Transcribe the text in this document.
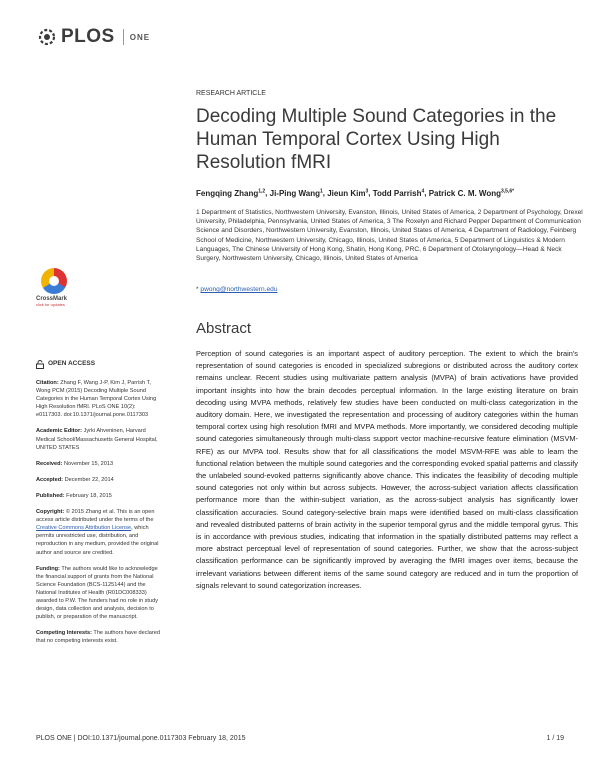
PLOS ONE
RESEARCH ARTICLE
Decoding Multiple Sound Categories in the Human Temporal Cortex Using High Resolution fMRI
Fengqing Zhang$^{1,2}$, Ji-Ping Wang$^1$, Jieun Kim$^3$, Todd Parrish$^4$, Patrick C. M. Wong$^{3,5,6*}$
1 Department of Statistics, Northwestern University, Evanston, Illinois, United States of America, 2 Department of Psychology, Drexel University, Philadelphia, Pennsylvania, United States of America, 3 The Roxelyn and Richard Pepper Department of Communication Science and Disorders, Northwestern University, Evanston, Illinois, United States of America, 4 Department of Radiology, Feinberg School of Medicine, Northwestern University, Chicago, Illinois, United States of America, 5 Department of Linguistics & Modern Languages, The Chinese University of Hong Kong, Shatin, Hong Kong, PRC, 6 Department of Otolaryngology—Head & Neck Surgery, Northwestern University, Chicago, Illinois, United States of America
* pwong@northwestern.edu
CrossMark
click for updates
Abstract
Perception of sound categories is an important aspect of auditory perception. The extent to which the brain's representation of sound categories is encoded in specialized subregions or distributed across the auditory cortex remains unclear. Recent studies using multivariate pattern analysis (MVPA) of brain activations have provided important insights into how the brain decodes perceptual information. In the large existing literature on brain decoding using MVPA methods, relatively few studies have been conducted on multi-class categorization in the auditory domain. Here, we investigated the representation and processing of auditory categories within the human temporal cortex using high resolution fMRI and MVPA methods. More importantly, we considered decoding multiple sound categories simultaneously through multi-class support vector machine-recursive feature elimination (MSVM-RFE) as our MVPA tool. Results show that for all classifications the model MSVM-RFE was able to learn the functional relation between the multiple sound categories and the corresponding evoked spatial patterns and classify the unlabeled sound-evoked patterns significantly above chance. This indicates the feasibility of decoding multiple sound categories not only within but across subjects. However, the across-subject variation affects classification performance more than the within-subject variation, as the across-subject analysis has significantly lower classification accuracies. Sound category-selective brain maps were identified based on multi-class classification and revealed distributed patterns of brain activity in the superior temporal gyrus and the middle temporal gyrus. This is in accordance with previous studies, indicating that information in the spatially distributed patterns may reflect a more abstract perceptual level of representation of sound categories. Further, we show that the across-subject classification performance can be significantly improved by averaging the fMRI images over items, because the irrelevant variations between different items of the same sound category are reduced and in turn the proportion of signals relevant to sound categorization increases.
OPEN ACCESS

Citation: Zhang F, Wang J-P, Kim J, Parrish T, Wong PCM (2015) Decoding Multiple Sound Categories in the Human Temporal Cortex Using High Resolution fMRI. PLoS ONE 10(2): e0117303. doi:10.1371/journal.pone.0117303

Academic Editor: Jyrki Ahveninen, Harvard Medical School/Massachusetts General Hospital, UNITED STATES

Received: November 15, 2013

Accepted: December 22, 2014

Published: February 18, 2015

Copyright: © 2015 Zhang et al. This is an open access article distributed under the terms of the Creative Commons Attribution License, which permits unrestricted use, distribution, and reproduction in any medium, provided the original author and source are credited.

Funding: The authors would like to acknowledge the financial support of grants from the National Science Foundation (BCS-1125144) and the National Institutes of Health (R01DC008333) awarded to P.W. The funders had no role in study design, data collection and analysis, decision to publish, or preparation of the manuscript.

Competing Interests: The authors have declared that no competing interests exist.

PLOS ONE | DOI:10.1371/journal.pone.0117303 February 18, 2015	1 / 19
